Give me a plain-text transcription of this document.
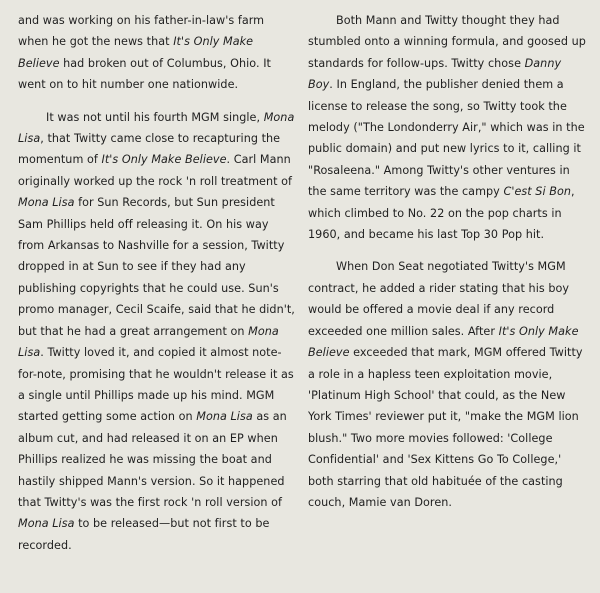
and was working on his father-in-law's farm when he got the news that It's Only Make Believe had broken out of Columbus, Ohio. It went on to hit number one nationwide.

It was not until his fourth MGM single, Mona Lisa, that Twitty came close to recapturing the momentum of It's Only Make Believe. Carl Mann originally worked up the rock 'n roll treatment of Mona Lisa for Sun Records, but Sun president Sam Phillips held off releasing it. On his way from Arkansas to Nashville for a session, Twitty dropped in at Sun to see if they had any publishing copyrights that he could use. Sun's promo manager, Cecil Scaife, said that he didn't, but that he had a great arrangement on Mona Lisa. Twitty loved it, and copied it almost note-for-note, promising that he wouldn't release it as a single until Phillips made up his mind. MGM started getting some action on Mona Lisa as an album cut, and had released it on an EP when Phillips realized he was missing the boat and hastily shipped Mann's version. So it happened that Twitty's was the first rock 'n roll version of Mona Lisa to be released—but not first to be recorded.

Both Mann and Twitty thought they had stumbled onto a winning formula, and goosed up standards for follow-ups. Twitty chose Danny Boy. In England, the publisher denied them a license to release the song, so Twitty took the melody ("The Londonderry Air," which was in the public domain) and put new lyrics to it, calling it "Rosaleena." Among Twitty's other ventures in the same territory was the campy C'est Si Bon, which climbed to No. 22 on the pop charts in 1960, and became his last Top 30 Pop hit.

When Don Seat negotiated Twitty's MGM contract, he added a rider stating that his boy would be offered a movie deal if any record exceeded one million sales. After It's Only Make Believe exceeded that mark, MGM offered Twitty a role in a hapless teen exploitation movie, 'Platinum High School' that could, as the New York Times' reviewer put it, "make the MGM lion blush." Two more movies followed: 'College Confidential' and 'Sex Kittens Go To College,' both starring that old habituée of the casting couch, Mamie van Doren.
